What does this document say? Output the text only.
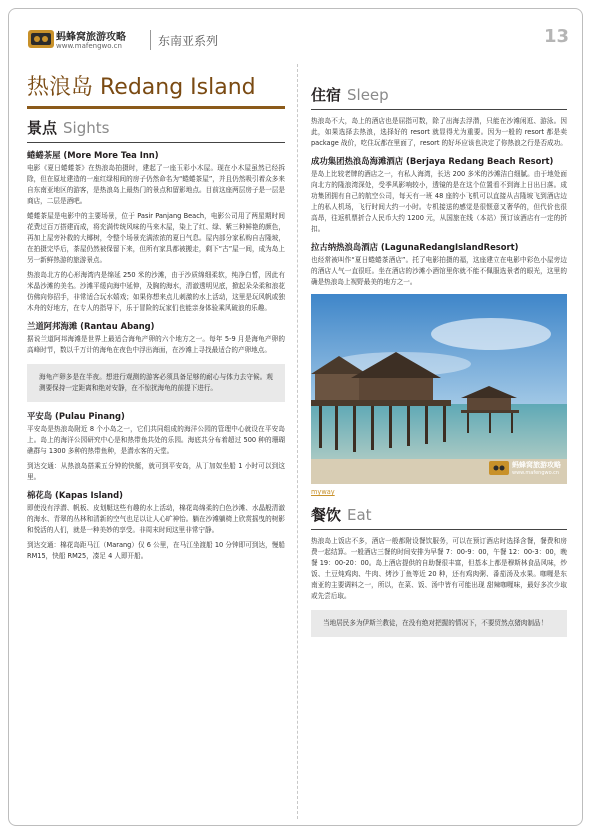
蚂蜂窝旅游攻略
www.mafengwo.cn	东南亚系列	13
热浪岛 Redang Island
景点 Sights
蜷蜷茶屋 (More More Tea Inn)

电影《夏日蜷蜷茶》在热浪岛拍摄时，建起了一座玉彩小木屋。现在小木屋虽然已经拆除，但在原址建造的一座红绿相间的房子仍然命名为“蜷蜷茶屋”，并且仍然吸引着众多来自东南亚地区的游客，是热浪岛上最热门的景点和留影地点。目前这座两层房子是一层是商店，二层是酒吧。

蜷蜷茶屋是电影中的主要场景，位于 Pasir Panjang Beach，电影公司用了两星期时间花费过百万搭建而成，将充满传统风味的马来木屋，染上了红、绿、紫三种鲜艳的颜色，再加上屋旁补救的大椰树，令整个场景充满浓浓的夏日气息。屋内部分家私购自吉隆坡，在拍摄完毕后，茶屋仍然被保留下来，但所有家具都被搬走，剩下“古”屋一间，成为岛上另一新鲜热游的旅游景点。

热浪岛北方的心形海湾内是绵延 250 米的沙滩，由于沙质绵细柔软，纯净白皙，因此有米晶沙滩的美名。沙滩平缓向海中延伸，及胸的海水，清澈透明见底，掀起朵朵柔和浪花仿佛向你招手，非常适合玩水嬉戏；如果你想来点儿刺激的水上活动，这里是玩风帆或独木舟的好地方，在专人的指导下，乐于冒险的玩家们也能亲身体验乘风破浪的乐趣。

兰道阿邦海滩 (Rantau Abang)

据说兰道阿邦海滩是世界上最适合海龟产卵的六个地方之一。每年 5-9 月是海龟产卵的高峰时节，数以千万计的海龟在夜色中浮出海面，在沙滩上寻找最适合的产卵地点。

海龟产卵多是在半夜。想进行观测的游客必须具备足够的耐心与体力去守候。观测要保持一定距离和绝对安静，在不惊扰海龟的前提下进行。

平安岛 (Pulau Pinang)

平安岛是热浪岛附近 8 个小岛之一，它们共同组成的海洋公园的管理中心就设在平安岛上。岛上的海洋公园研究中心是和热带鱼共处的乐园。海底共分布着超过 500 种的珊瑚礁群与 1300 多种的热带鱼种，是潜水客的天堂。

到达交通：从热浪岛搭乘五分钟的快艇，就可到平安岛，从丁加奴坐船 1 小时可以到这里。

棉花岛 (Kapas Island)

即使没有浮潜、帆板、皮划艇这些有趣的水上活动，棉花岛绵柔的白色沙滩、水晶般清澈的海水、青翠的丛林和清新的空气也足以让人心旷神怡。躺在沙滩躺椅上欣赏摇曳的树影和悦活的人们，就是一种美妙的享受。非周末时间这里非常宁静。

到达交通：棉花岛距马江（Marang）仅 6 公里，在马江坐渡船 10 分钟即可到达，慢船 RM15，快船 RM25，凑足 4 人即开船。

住宿 Sleep

热浪岛不大，岛上的酒店也是屈指可数，除了出海去浮潜，只能在沙滩闲逛、游泳。因此，如果选择去热浪，选择好的 resort 就显得尤为重要。因为一般的 resort 都是卖 package 战价，吃住玩都在里面了，resort 的好坏应该也决定了你热浪之行是否成功。

成功集团热浪岛海滩酒店 (Berjaya Redang Beach Resort)

是岛上比较老牌的酒店之一，有私人海湾，长达 200 多米的沙滩洁白细腻。由于地处面向北方的隆浪湾深处，受季风影响较小，透镜的是在这个位置看不到海上日出日落。成功集团拥有自己的航空公司，每天有一班 48 座的小飞机可以直接从吉隆坡飞到酒店边上的私人机场，飞行时间大约一小时。专机接送的感觉是很惬意又奢华的，但代价也很高昂，往返机票折合人民币大约 1200 元，从国旅在线（本站）预订该酒店有一定的折扣。

拉古纳热浪岛酒店 (LagunaRedangIslandResort)

也经常被叫作“夏日蜷蜷茶酒店”。托了电影拍摄的福，这座建立在电影中彩色小屋旁边的酒店人气一直很旺。坐在酒店的沙滩小酒馆里你就不能不佩服选景者的眼光，这里的确是热浪岛上视野最美的地方之一。

蚂蜂窝旅游攻略
www.mafengwo.cn
myway
餐饮 Eat

热浪岛上饭店不多，酒店一般都附设餐饮服务，可以在预订酒店时选择含餐，餐费和房费一起结算。一般酒店三餐的时间安排为早餐 7：00-9：00，午餐 12：00-3：00，晚餐 19：00-20：00。岛上酒店提供的自助餐很丰富，但基本上都是穆斯林食品风味，炒饭、土豆炖鸡肉、牛肉、烤沙丁鱼等近 20 种，还有鸡肉粥、番茄汤及水果。咖喱是东南亚的主要调料之一，所以，在菜、饭、汤中皆有可能出现 甜辣咖喱味，最好多次少取或先尝后取。

当地居民多为伊斯兰教徒，在没有绝对把握的情况下，不要贸然点猪肉制品！
